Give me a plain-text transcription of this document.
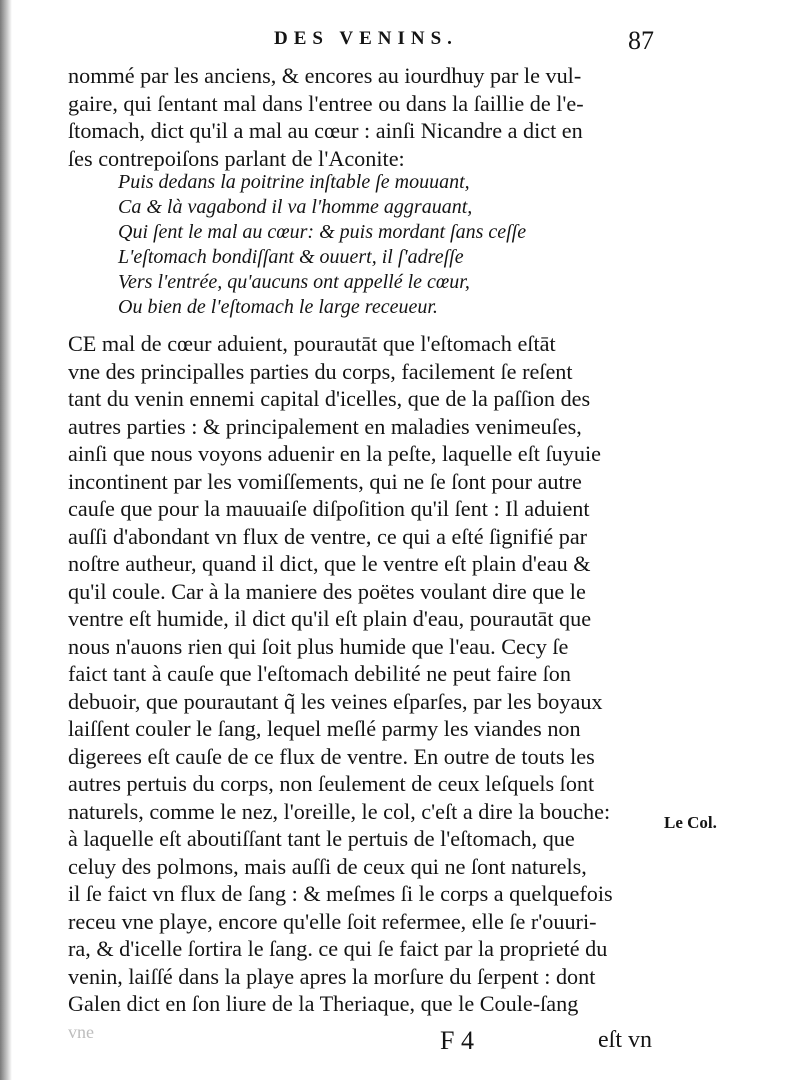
DES VENINS.	87
nommé par les anciens, & encores au iourdhuy par le vul-
gaire, qui ſentant mal dans l'entree ou dans la ſaillie de l'e-
ſtomach, dict qu'il a mal au cœur : ainſi Nicandre a dict en
ſes contrepoiſons parlant de l'Aconite:
Puis dedans la poitrine inſtable ſe mouuant,
Ca & là vagabond il va l'homme aggrauant,
Qui ſent le mal au cœur: & puis mordant ſans ceſſe
L'eſtomach bondiſſant & ouuert, il ſ'adreſſe
Vers l'entrée, qu'aucuns ont appellé le cœur,
Ou bien de l'eſtomach le large receueur.
CE mal de cœur aduient, pourautāt que l'eſtomach eſtāt
vne des principalles parties du corps, facilement ſe reſent
tant du venin ennemi capital d'icelles, que de la paſſion des
autres parties : & principalement en maladies venimeuſes,
ainſi que nous voyons aduenir en la peſte, laquelle eſt ſuyuie
incontinent par les vomiſſements, qui ne ſe ſont pour autre
cauſe que pour la mauuaiſe diſpoſition qu'il ſent : Il aduient
auſſi d'abondant vn flux de ventre, ce qui a eſté ſignifié par
noſtre autheur, quand il dict, que le ventre eſt plain d'eau &
qu'il coule. Car à la maniere des poëtes voulant dire que le
ventre eſt humide, il dict qu'il eſt plain d'eau, pourautāt que
nous n'auons rien qui ſoit plus humide que l'eau. Cecy ſe
faict tant à cauſe que l'eſtomach debilité ne peut faire ſon
debuoir, que pourautant q̃ les veines eſparſes, par les boyaux
laiſſent couler le ſang, lequel meſlé parmy les viandes non
digerees eſt cauſe de ce flux de ventre. En outre de touts les
autres pertuis du corps, non ſeulement de ceux leſquels ſont
naturels, comme le nez, l'oreille, le col, c'eſt a dire la bouche:
à laquelle eſt aboutiſſant tant le pertuis de l'eſtomach, que
celuy des polmons, mais auſſi de ceux qui ne ſont naturels,
il ſe faict vn flux de ſang : & meſmes ſi le corps a quelquefois
receu vne playe, encore qu'elle ſoit refermee, elle ſe r'ouuri-
ra, & d'icelle ſortira le ſang. ce qui ſe faict par la proprieté du
venin, laiſſé dans la playe apres la morſure du ſerpent : dont
Galen dict en ſon liure de la Theriaque, que le Coule-ſang
Le Col.
vne	F 4	eſt vn
